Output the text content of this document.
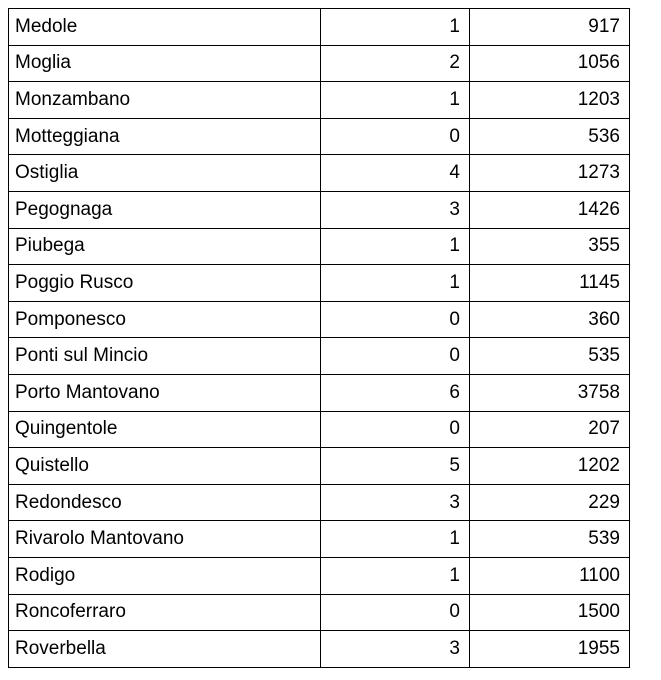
Medole	1	917
Moglia	2	1056
Monzambano	1	1203
Motteggiana	0	536
Ostiglia	4	1273
Pegognaga	3	1426
Piubega	1	355
Poggio Rusco	1	1145
Pomponesco	0	360
Ponti sul Mincio	0	535
Porto Mantovano	6	3758
Quingentole	0	207
Quistello	5	1202
Redondesco	3	229
Rivarolo Mantovano	1	539
Rodigo	1	1100
Roncoferraro	0	1500
Roverbella	3	1955
